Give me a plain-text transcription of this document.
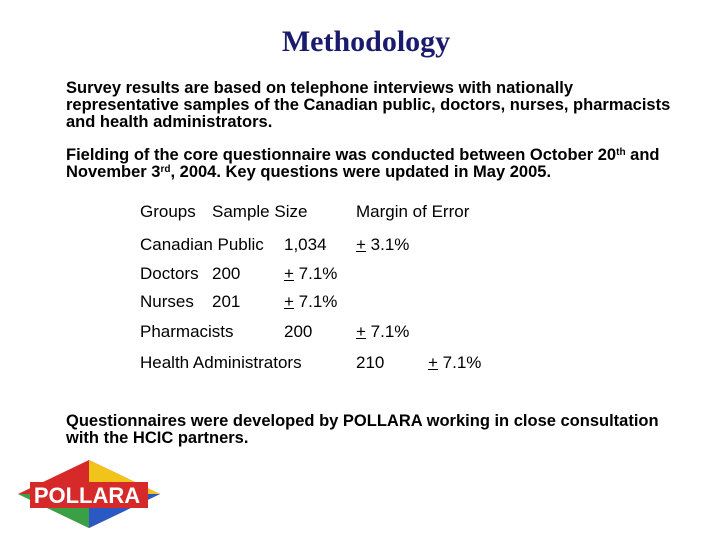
Methodology

Survey results are based on telephone interviews with nationally representative samples of the Canadian public, doctors, nurses, pharmacists and health administrators.

Fielding of the core questionnaire was conducted between October 20th and November 3rd, 2004. Key questions were updated in May 2005.

Groups Sample Size	Margin of Error
Canadian Public 1,034 + 3.1%
Doctors 200	+ 7.1%
Nurses 201	+ 7.1%
Pharmacists	200	+ 7.1%
Health Administrators	210	+ 7.1%

Questionnaires were developed by POLLARA working in close consultation with the HCIC partners.

POLLARA ™
